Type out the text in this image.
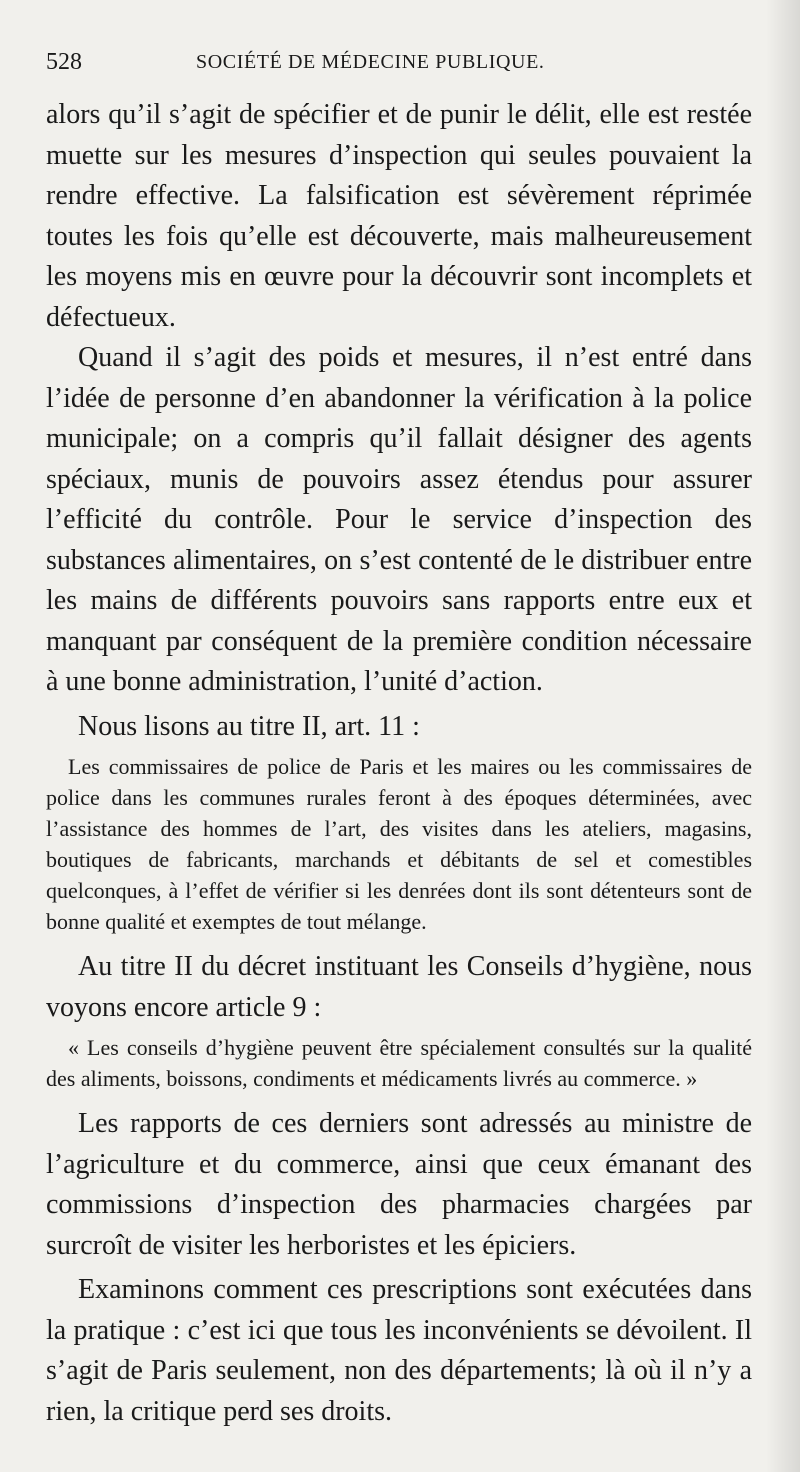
528	SOCIÉTÉ DE MÉDECINE PUBLIQUE.

alors qu’il s’agit de spécifier et de punir le délit, elle est restée muette sur les mesures d’inspection qui seules pouvaient la rendre effective. La falsification est sévèrement réprimée toutes les fois qu’elle est découverte, mais malheureusement les moyens mis en œuvre pour la découvrir sont incomplets et défectueux.

Quand il s’agit des poids et mesures, il n’est entré dans l’idée de personne d’en abandonner la vérification à la police municipale; on a compris qu’il fallait désigner des agents spéciaux, munis de pouvoirs assez étendus pour assurer l’efficité du contrôle. Pour le service d’inspection des substances alimentaires, on s’est contenté de le distribuer entre les mains de différents pouvoirs sans rapports entre eux et manquant par conséquent de la première condition nécessaire à une bonne administration, l’unité d’action.

Nous lisons au titre II, art. 11 :

Les commissaires de police de Paris et les maires ou les commissaires de police dans les communes rurales feront à des époques déterminées, avec l’assistance des hommes de l’art, des visites dans les ateliers, magasins, boutiques de fabricants, marchands et débitants de sel et comestibles quelconques, à l’effet de vérifier si les denrées dont ils sont détenteurs sont de bonne qualité et exemptes de tout mélange.

Au titre II du décret instituant les Conseils d’hygiène, nous voyons encore article 9 :

« Les conseils d’hygiène peuvent être spécialement consultés sur la qualité des aliments, boissons, condiments et médicaments livrés au commerce. »

Les rapports de ces derniers sont adressés au ministre de l’agriculture et du commerce, ainsi que ceux émanant des commissions d’inspection des pharmacies chargées par surcroît de visiter les herboristes et les épiciers.

Examinons comment ces prescriptions sont exécutées dans la pratique : c’est ici que tous les inconvénients se dévoilent. Il s’agit de Paris seulement, non des départements; là où il n’y a rien, la critique perd ses droits.
